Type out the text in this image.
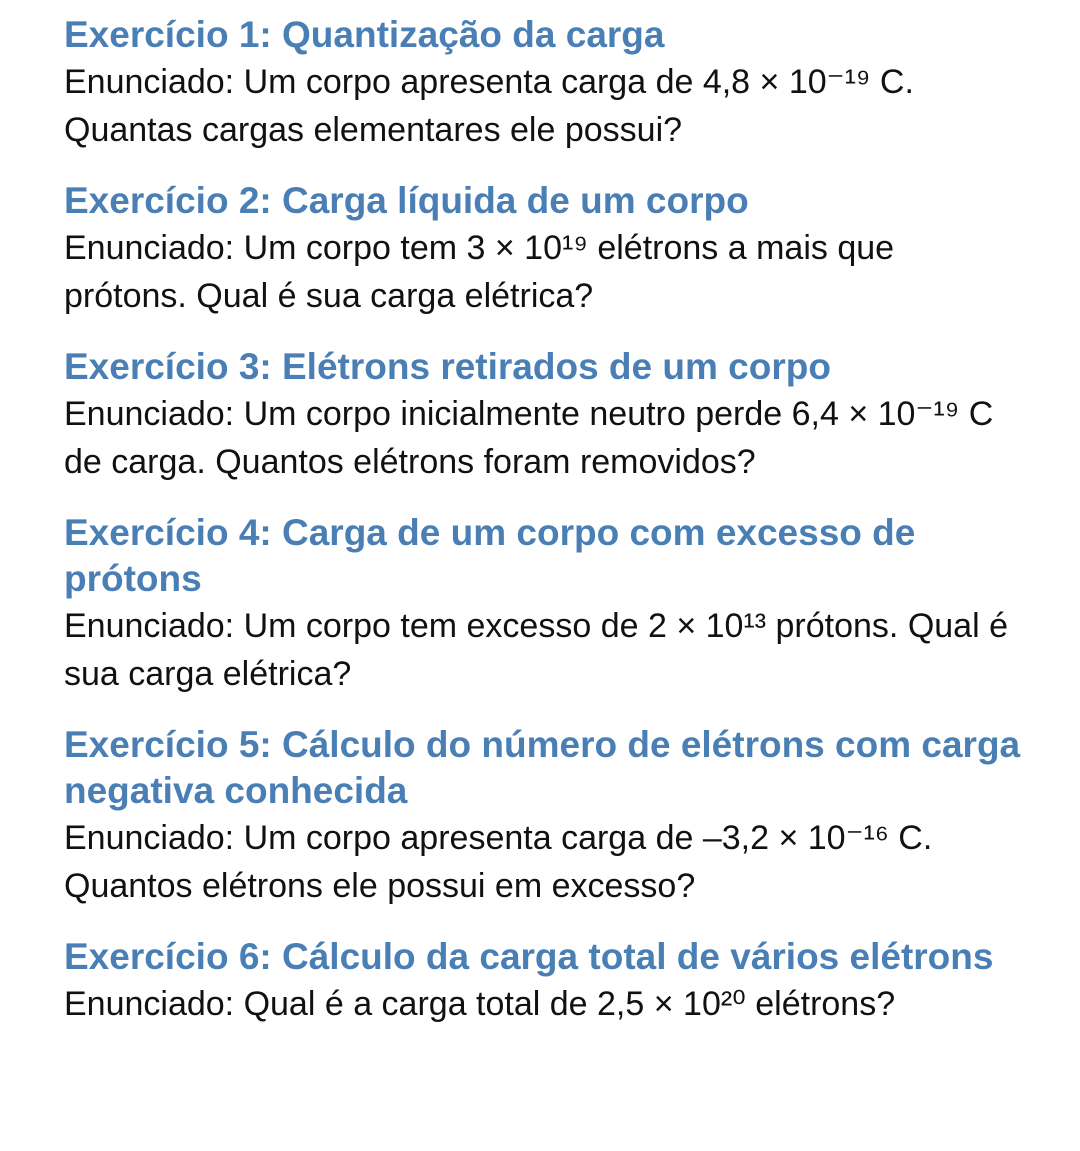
Exercício 1: Quantização da carga

Enunciado: Um corpo apresenta carga de 4,8 × 10⁻¹⁹ C. Quantas cargas elementares ele possui?

Exercício 2: Carga líquida de um corpo

Enunciado: Um corpo tem 3 × 10¹⁹ elétrons a mais que prótons. Qual é sua carga elétrica?

Exercício 3: Elétrons retirados de um corpo

Enunciado: Um corpo inicialmente neutro perde 6,4 × 10⁻¹⁹ C de carga. Quantos elétrons foram removidos?

Exercício 4: Carga de um corpo com excesso de prótons

Enunciado: Um corpo tem excesso de 2 × 10¹³ prótons. Qual é sua carga elétrica?

Exercício 5: Cálculo do número de elétrons com carga negativa conhecida

Enunciado: Um corpo apresenta carga de –3,2 × 10⁻¹⁶ C. Quantos elétrons ele possui em excesso?

Exercício 6: Cálculo da carga total de vários elétrons

Enunciado: Qual é a carga total de 2,5 × 10²⁰ elétrons?
